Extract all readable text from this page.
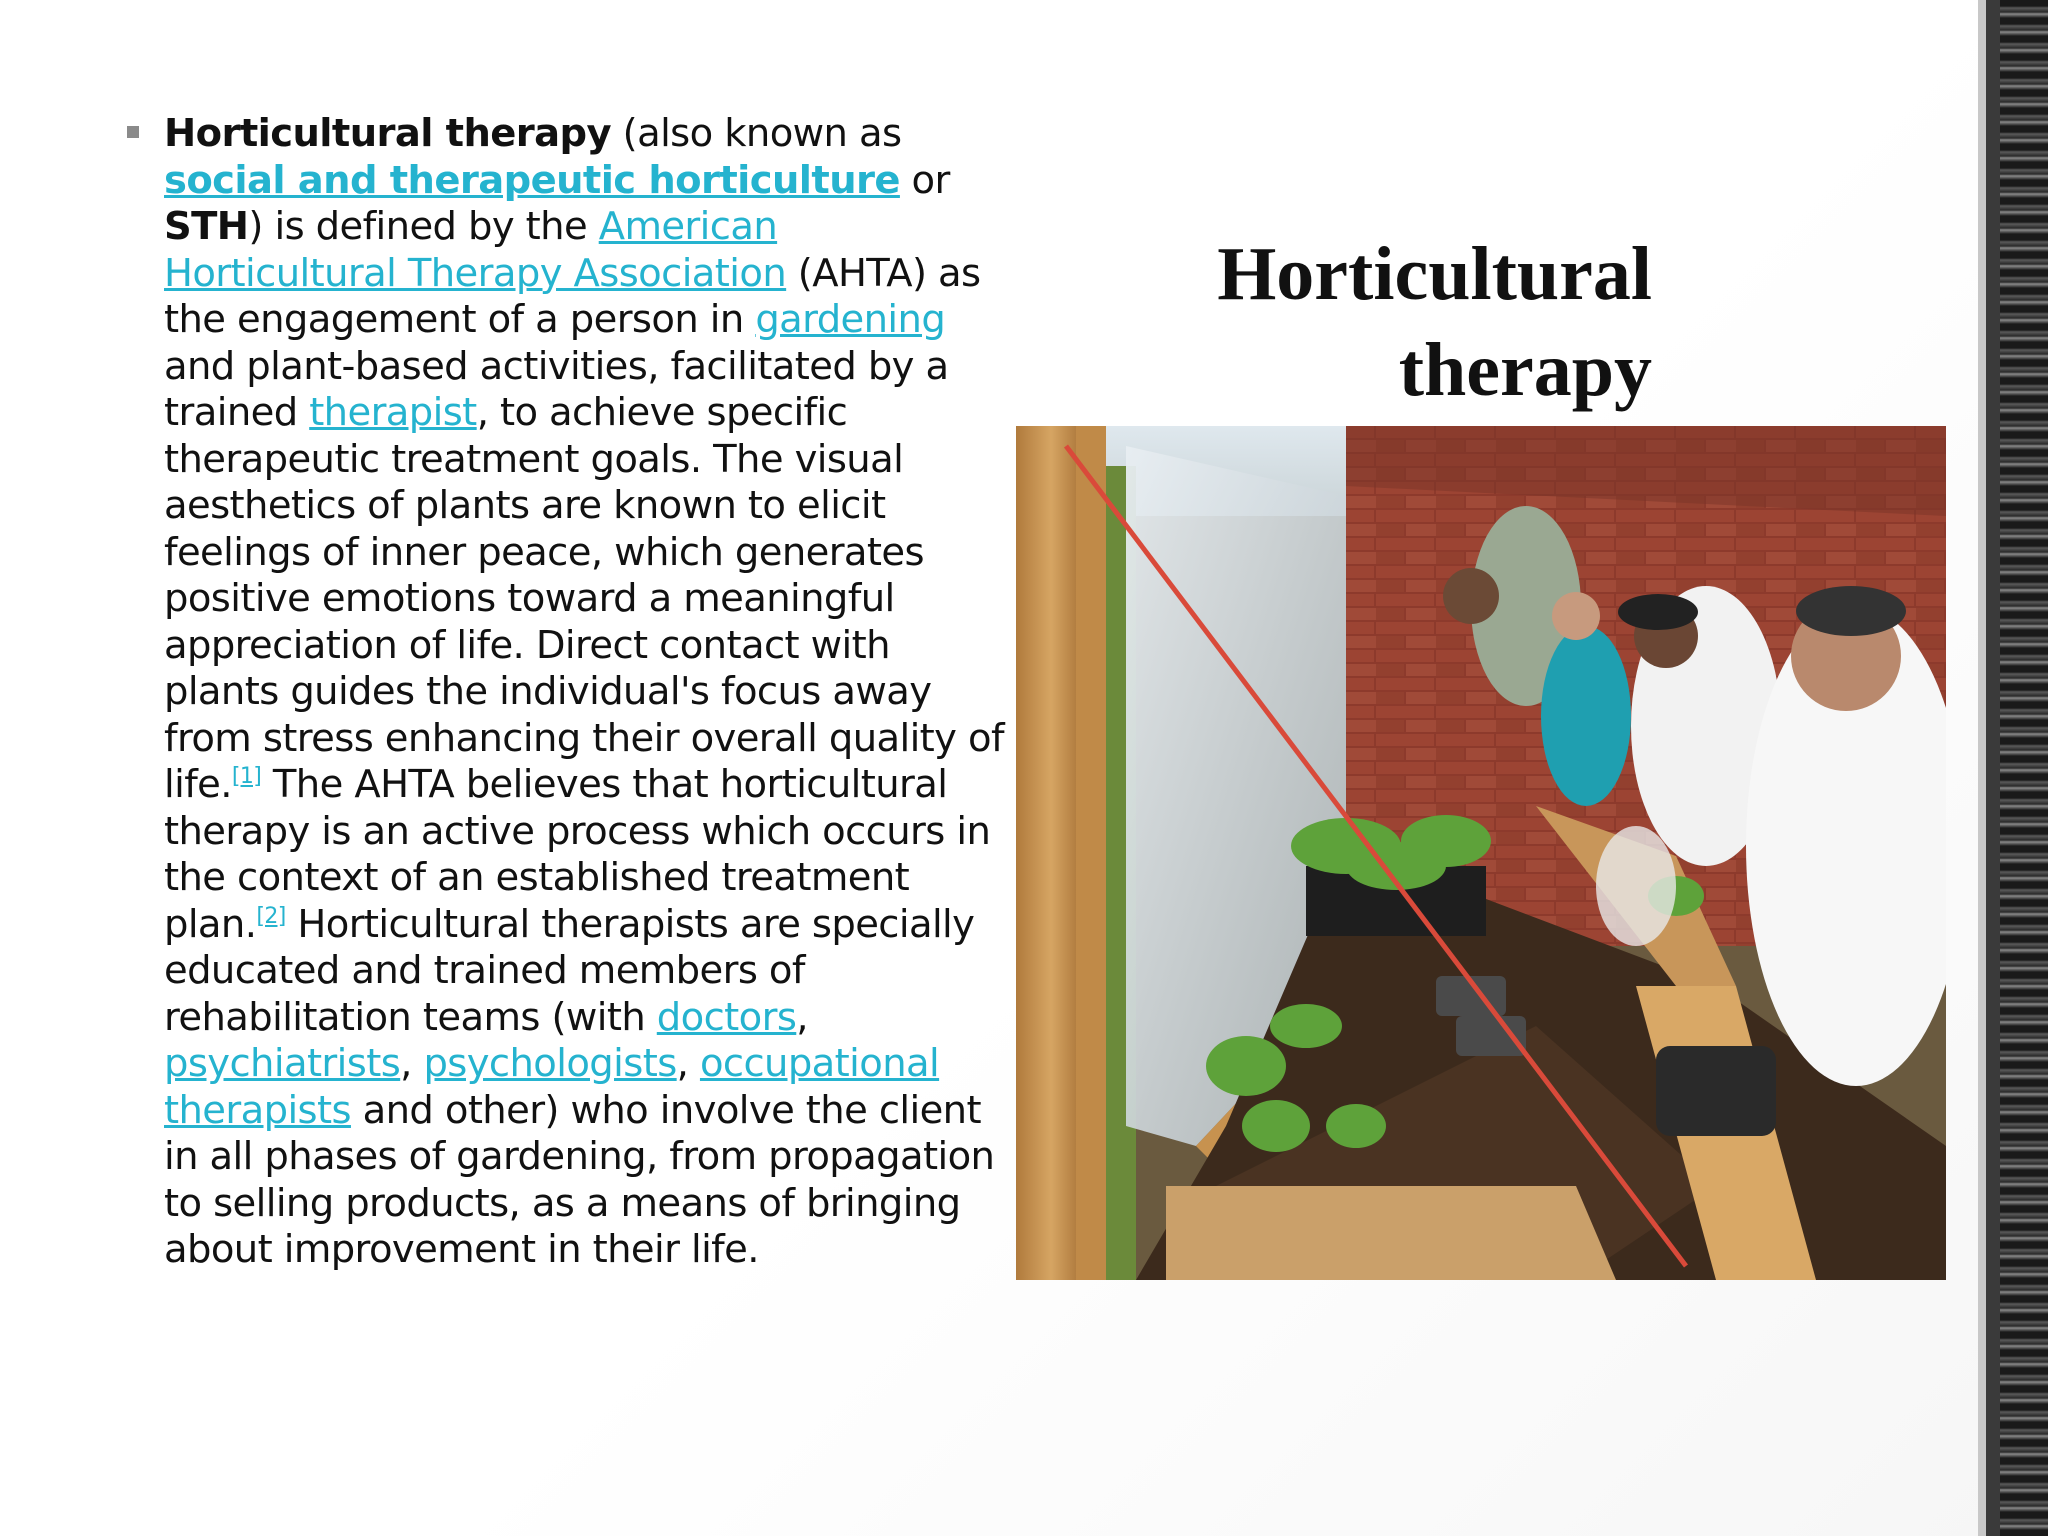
Horticultural therapy (also known as social and therapeutic horticulture or STH) is defined by the American Horticultural Therapy Association (AHTA) as the engagement of a person in gardening and plant-based activities, facilitated by a trained therapist, to achieve specific therapeutic treatment goals. The visual aesthetics of plants are known to elicit feelings of inner peace, which generates positive emotions toward a meaningful appreciation of life. Direct contact with plants guides the individual's focus away from stress enhancing their overall quality of life.[1] The AHTA believes that horticultural therapy is an active process which occurs in the context of an established treatment plan.[2] Horticultural therapists are specially educated and trained members of rehabilitation teams (with doctors, psychiatrists, psychologists, occupational therapists and other) who involve the client in all phases of gardening, from propagation to selling products, as a means of bringing about improvement in their life.
Horticultural
therapy
